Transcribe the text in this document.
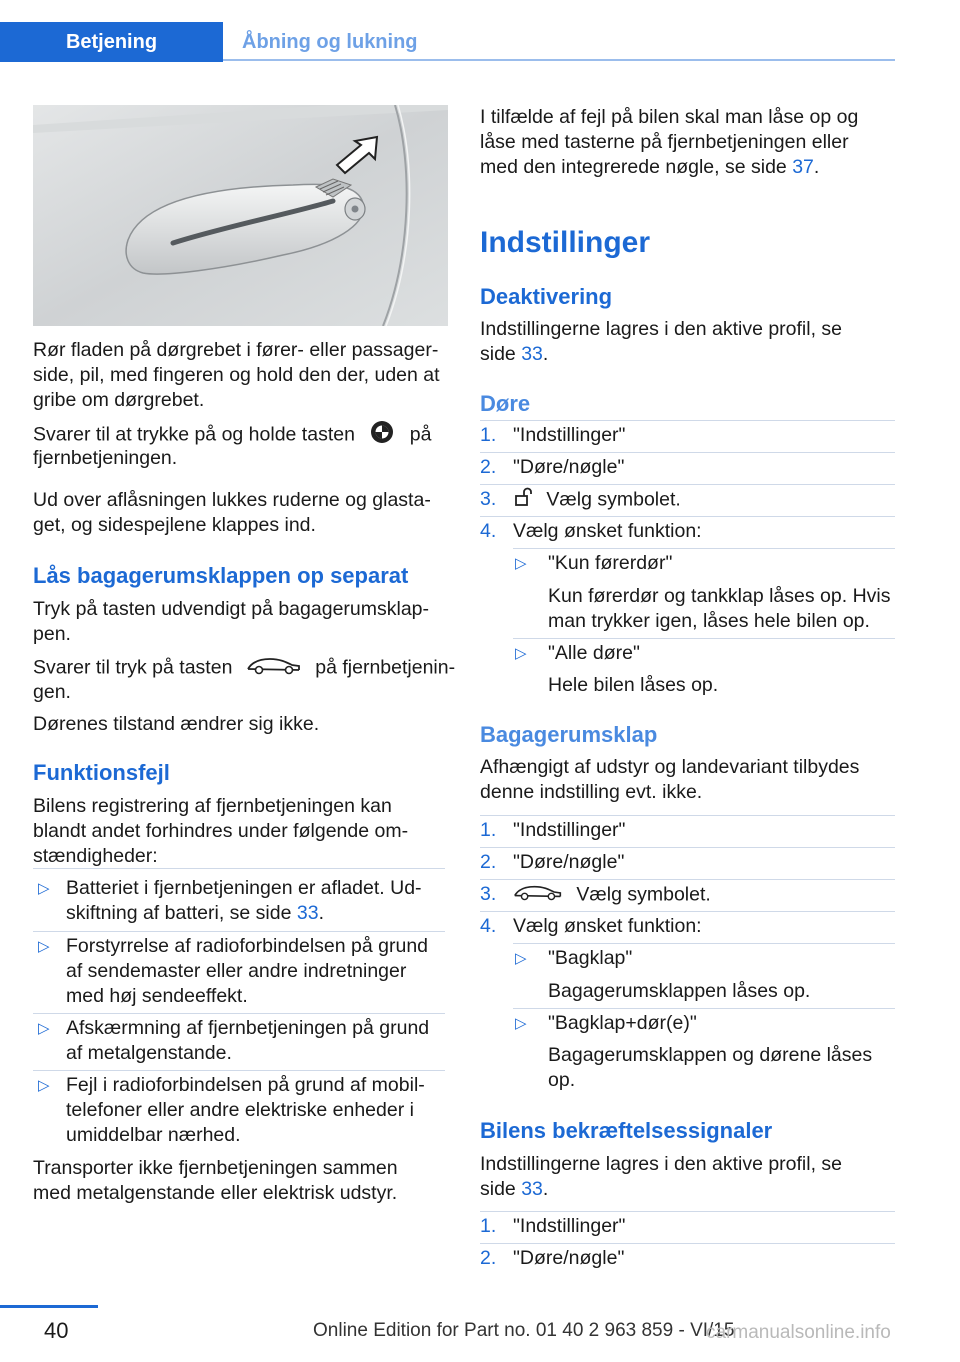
Betjening	Åbning og lukning

Rør fladen på dørgrebet i fører- eller passager-

side, pil, med fingeren og hold den der, uden at

gribe om dørgrebet.

Svarer til at trykke på og holde tasten	på

fjernbetjeningen.

Ud over aflåsningen lukkes ruderne og glasta-

get, og sidespejlene klappes ind.

Lås bagagerumsklappen op separat

Tryk på tasten udvendigt på bagagerumsklap-

pen.

Svarer til tryk på tasten	på fjernbetjenin-

gen.

Dørenes tilstand ændrer sig ikke.

Funktionsfejl

Bilens registrering af fjernbetjeningen kan

blandt andet forhindres under følgende om-

stændigheder:

▷ Batteriet i fjernbetjeningen er afladet. Ud-

skiftning af batteri, se side 33.

▷ Forstyrrelse af radioforbindelsen på grund

af sendemaster eller andre indretninger

med høj sendeeffekt.

▷ Afskærmning af fjernbetjeningen på grund

af metalgenstande.

▷ Fejl i radioforbindelsen på grund af mobil-

telefoner eller andre elektriske enheder i

umiddelbar nærhed.

Transporter ikke fjernbetjeningen sammen

med metalgenstande eller elektrisk udstyr.

I tilfælde af fejl på bilen skal man låse op og

låse med tasterne på fjernbetjeningen eller

med den integrerede nøgle, se side 37.

Indstillinger
Deaktivering

Indstillingerne lagres i den aktive profil, se

side 33.

Døre
1. "Indstillinger"

2. "Døre/nøgle"

3.	Vælg symbolet.

4. Vælg ønsket funktion:

▷ "Kun førerdør"

Kun førerdør og tankklap låses op. Hvis

man trykker igen, låses hele bilen op.

▷ "Alle døre"

Hele bilen låses op.

Bagagerumsklap

Afhængigt af udstyr og landevariant tilbydes

denne indstilling evt. ikke.

1. "Indstillinger"

2. "Døre/nøgle"

3.	Vælg symbolet.

4. Vælg ønsket funktion:

▷ "Bagklap"

Bagagerumsklappen låses op.

▷ "Bagklap+dør(e)"

Bagagerumsklappen og dørene låses

op.

Bilens bekræftelsessignaler

Indstillingerne lagres i den aktive profil, se

side 33.

1. "Indstillinger"

2. "Døre/nøgle"

40	Online Edition for Part no. 01 40 2 963 859 - VI/15
carmanualsonline.info
